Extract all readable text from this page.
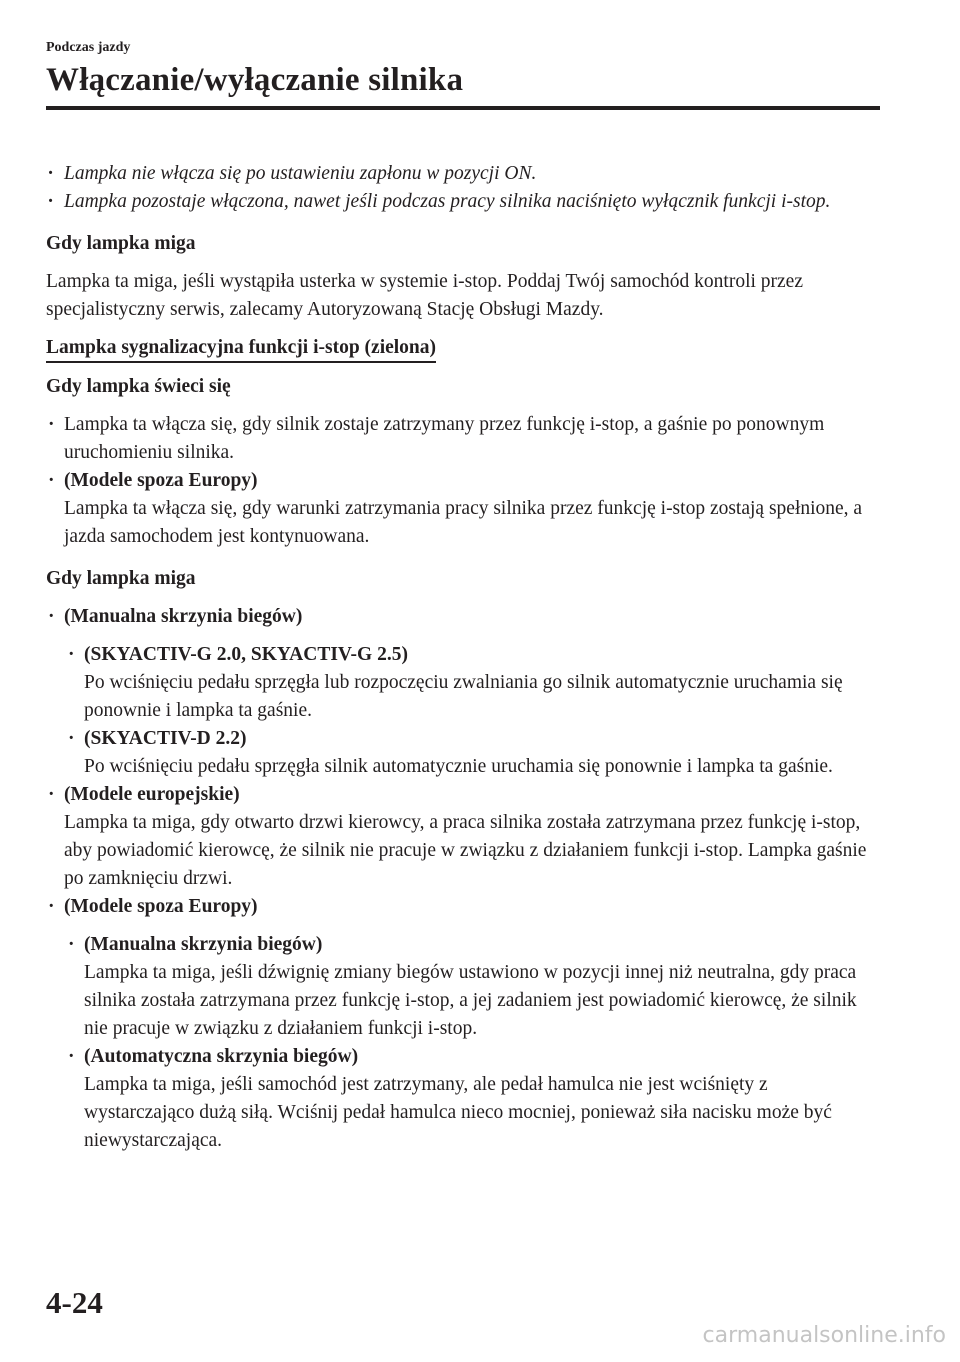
Podczas jazdy

Włączanie/wyłączanie silnika
· Lampka nie włącza się po ustawieniu zapłonu w pozycji ON.
· Lampka pozostaje włączona, nawet jeśli podczas pracy silnika naciśnięto wyłącznik funkcji i-stop.

Gdy lampka miga

Lampka ta miga, jeśli wystąpiła usterka w systemie i-stop. Poddaj Twój samochód kontroli przez specjalistyczny serwis, zalecamy Autoryzowaną Stację Obsługi Mazdy.

Lampka sygnalizacyjna funkcji i-stop (zielona)

Gdy lampka świeci się

· Lampka ta włącza się, gdy silnik zostaje zatrzymany przez funkcję i-stop, a gaśnie po ponownym uruchomieniu silnika.
· (Modele spoza Europy)
Lampka ta włącza się, gdy warunki zatrzymania pracy silnika przez funkcję i-stop zostają spełnione, a jazda samochodem jest kontynuowana.

Gdy lampka miga

· (Manualna skrzynia biegów)
· (SKYACTIV-G 2.0, SKYACTIV-G 2.5)
Po wciśnięciu pedału sprzęgła lub rozpoczęciu zwalniania go silnik automatycznie uruchamia się ponownie i lampka ta gaśnie.
· (SKYACTIV-D 2.2)
Po wciśnięciu pedału sprzęgła silnik automatycznie uruchamia się ponownie i lampka ta gaśnie.
· (Modele europejskie)
Lampka ta miga, gdy otwarto drzwi kierowcy, a praca silnika została zatrzymana przez funkcję i-stop, aby powiadomić kierowcę, że silnik nie pracuje w związku z działaniem funkcji i-stop. Lampka gaśnie po zamknięciu drzwi.
· (Modele spoza Europy)
· (Manualna skrzynia biegów)
Lampka ta miga, jeśli dźwignię zmiany biegów ustawiono w pozycji innej niż neutralna, gdy praca silnika została zatrzymana przez funkcję i-stop, a jej zadaniem jest powiadomić kierowcę, że silnik nie pracuje w związku z działaniem funkcji i-stop.
· (Automatyczna skrzynia biegów)
Lampka ta miga, jeśli samochód jest zatrzymany, ale pedał hamulca nie jest wciśnięty z wystarczająco dużą siłą. Wciśnij pedał hamulca nieco mocniej, ponieważ siła nacisku może być niewystarczająca.
4-24
carmanualsonline.info
